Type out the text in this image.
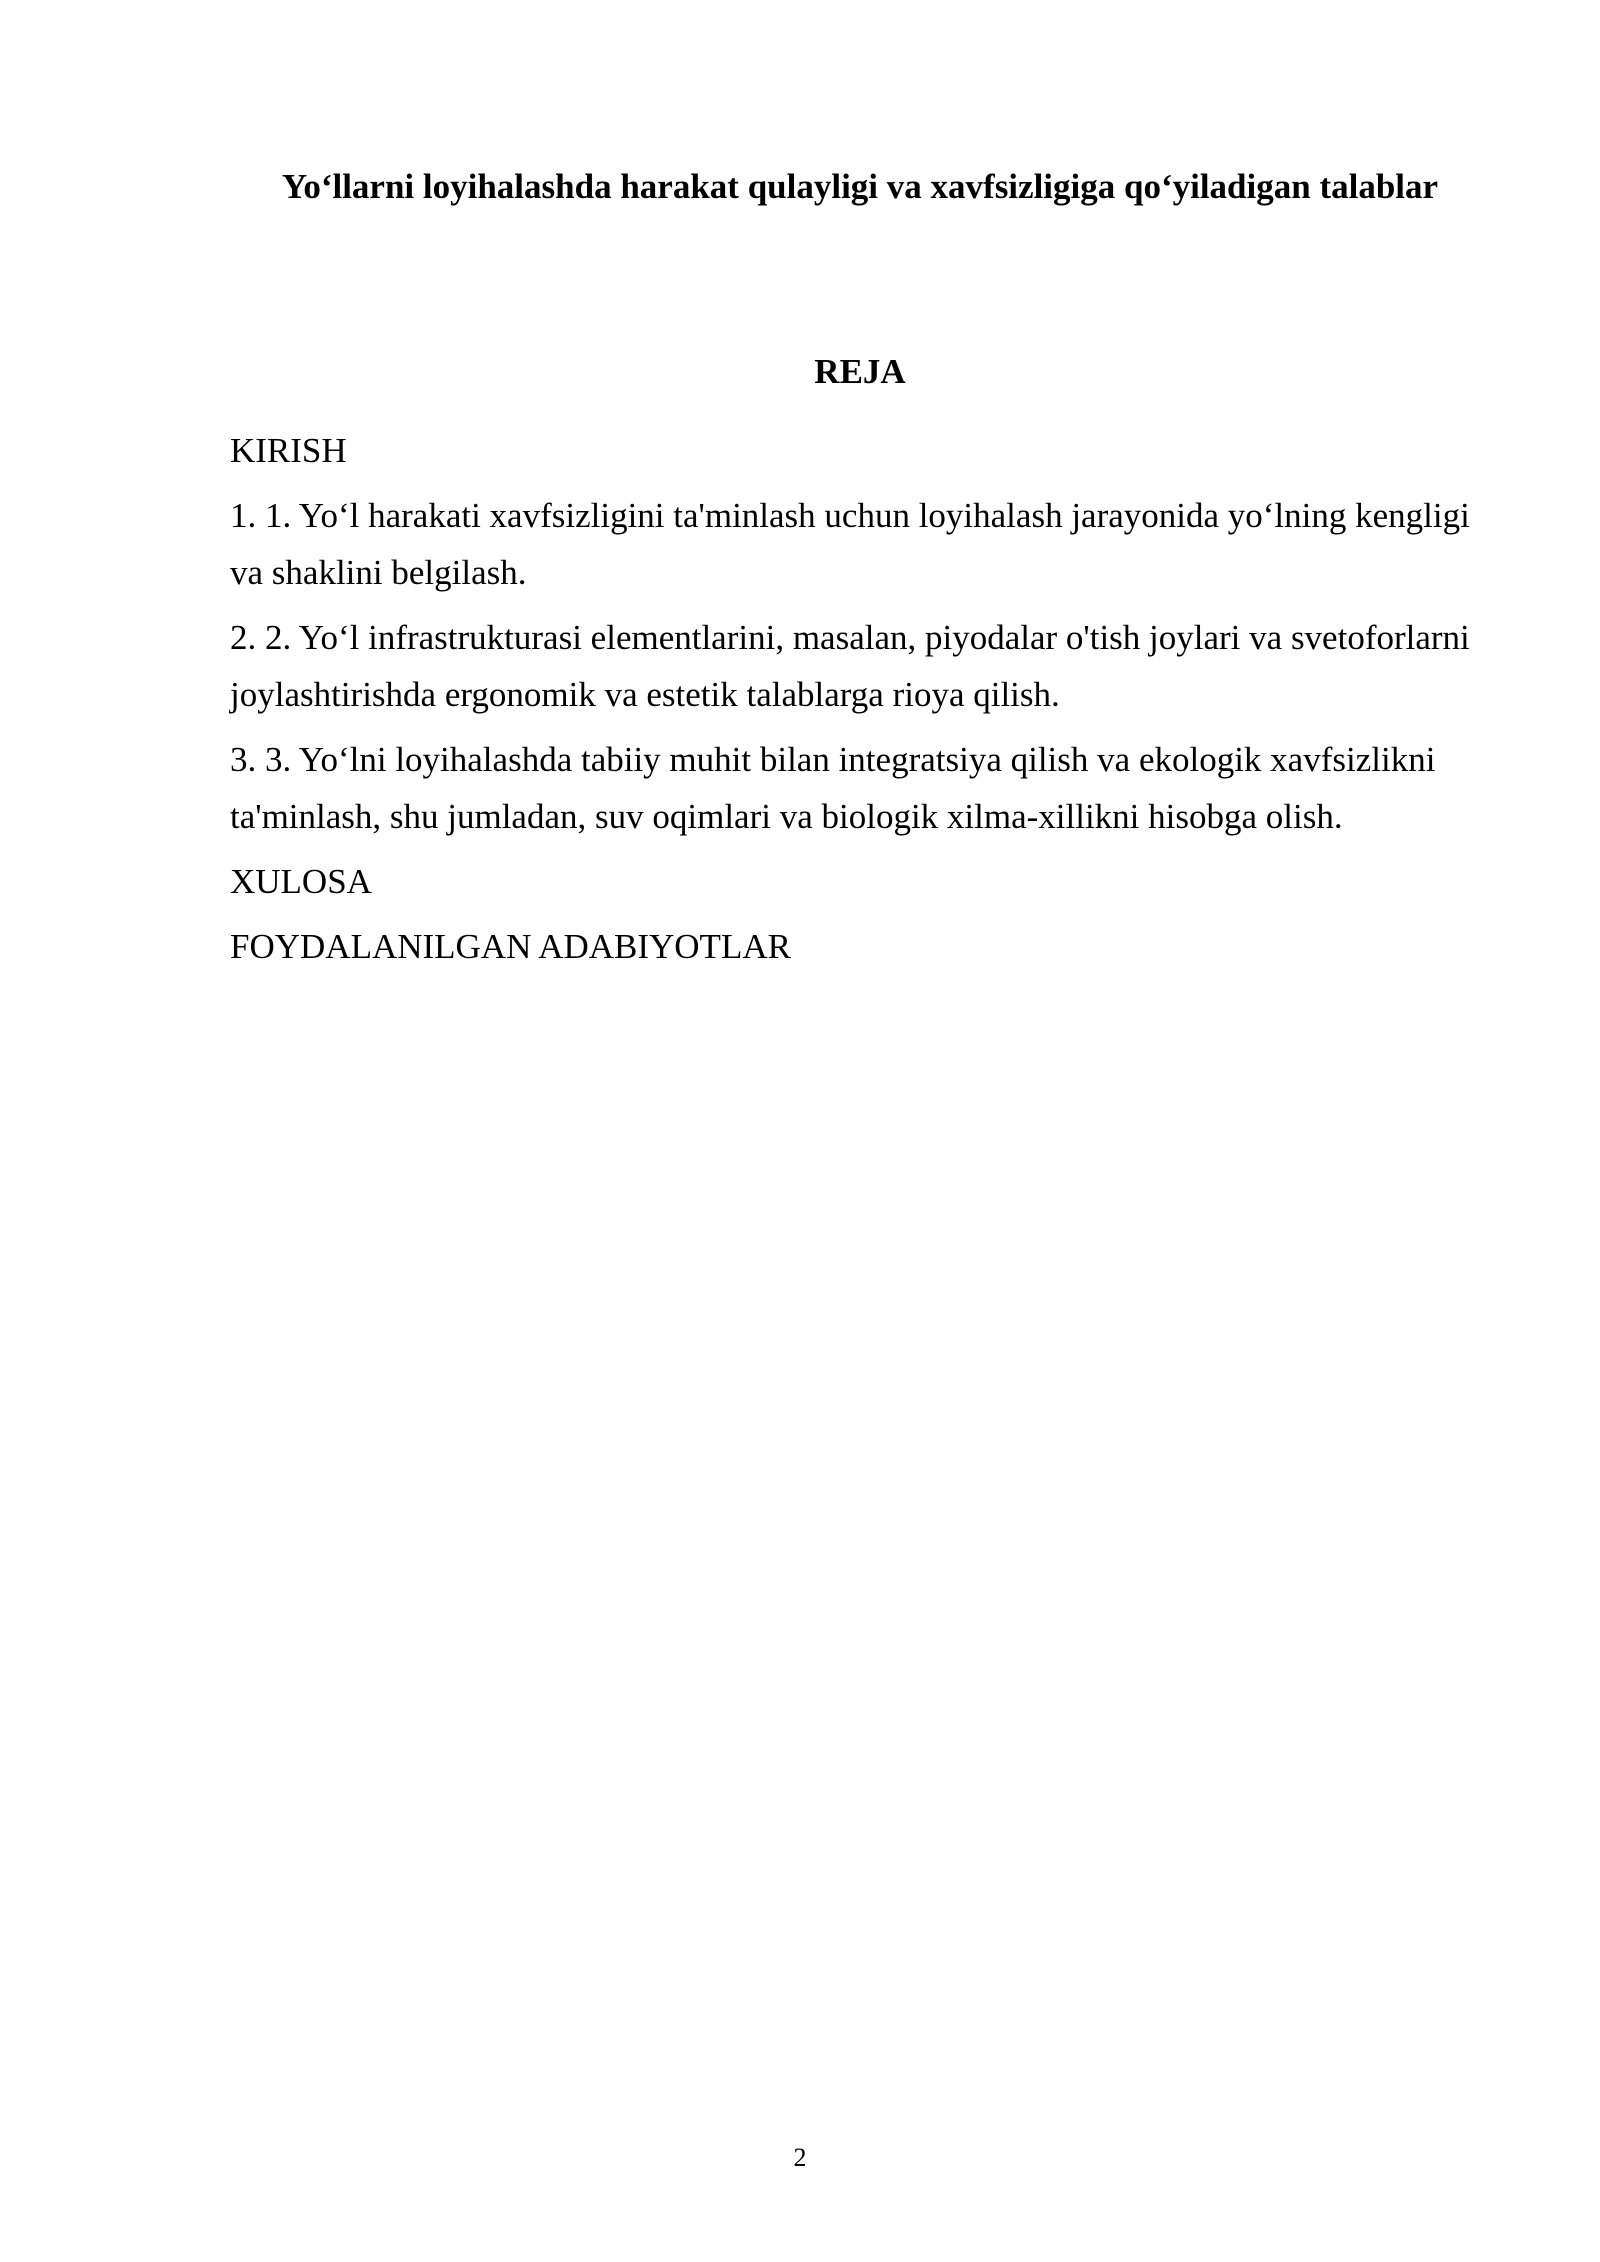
Yo‘llarni loyihalashda harakat qulayligi va xavfsizligiga qo‘yiladigan talablar
REJA
KIRISH
1. 1. Yo‘l harakati xavfsizligini ta'minlash uchun loyihalash jarayonida yo‘lning kengligi va shaklini belgilash.
2. 2. Yo‘l infrastrukturasi elementlarini, masalan, piyodalar o'tish joylari va svetoforlarni joylashtirishda ergonomik va estetik talablarga rioya qilish.
3. 3. Yo‘lni loyihalashda tabiiy muhit bilan integratsiya qilish va ekologik xavfsizlikni ta'minlash, shu jumladan, suv oqimlari va biologik xilma-xillikni hisobga olish.
XULOSA
FOYDALANILGAN ADABIYOTLAR

2
